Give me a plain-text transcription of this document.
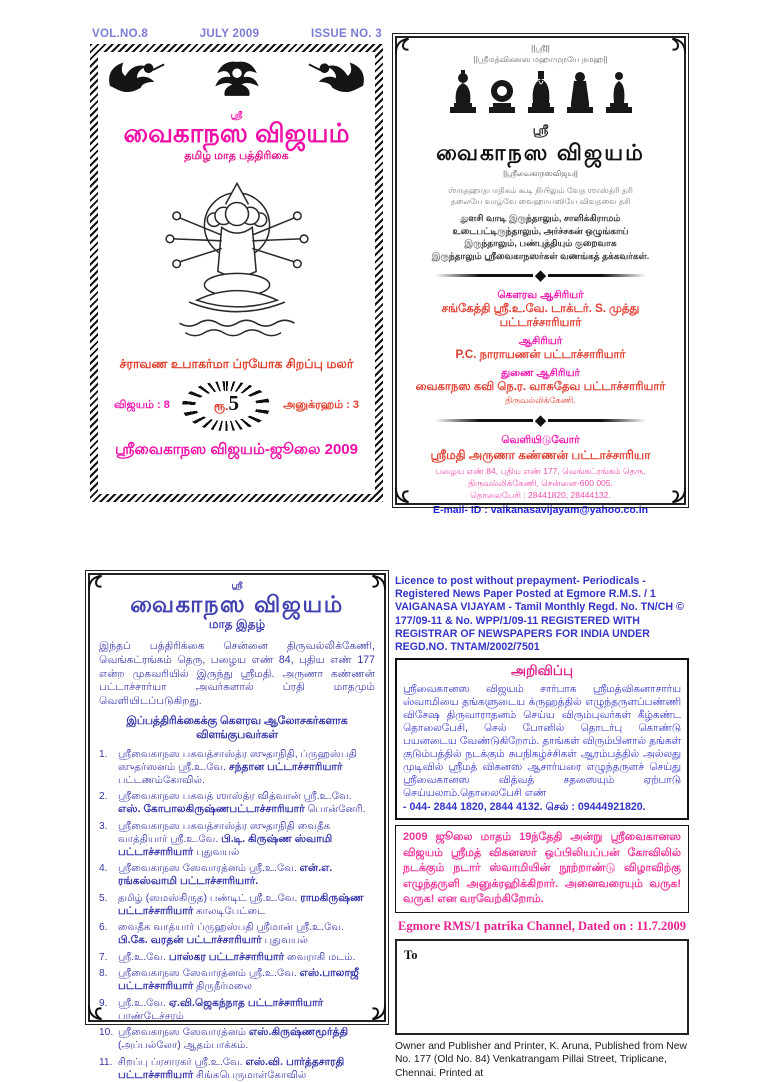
VOL.NO.8	JULY 2009	ISSUE NO. 3
ஸ்ரீ
வைகாநஸ விஜயம்
தமிழ் மாத பத்திரிகை
ச்ராவண உபாகர்மா ப்ரயோக சிறப்பு மலர்
விஜயம் : 8	ரூ. 5	அனுக்ரஹம் : 3
ஸ்ரீவைகாநஸ விஜயம்-ஜூலை 2009
||ஸ்ரீ||
||ஸ்ரீமத்விகனஸ மஹாமுநயே நமஹ||
ஸ்ரீ
வைகாநஸ விஜயம்
||ஸ்ரீவைகாநஸவிஜய||
ஶ்ருதஹாதபாதிகம் கூடி நியிலும் வேத ஶாஸ்த்ரி தரி
தலையே வாழ்வே வைஹாயஸியே விவதவை தசி
துளசி வாடி இருந்தாலும், சாளிக்கிராமம்
உடைபட்டிருந்தாலும், அர்ச்சகன் ஒழுங்காய்
இருந்தாலும், பண்புத்தியும் குறைவாக
இருந்தாலும் ஸ்ரீவைகாநஸர்கள் வணங்கத் தக்கவர்கள்.
◆
கௌரவ ஆசிரியர்
சங்கேத்தி ஸ்ரீ.உ.வே. டாக்டர். S. முத்து பட்டாச்சாரியார்
ஆசிரியர்
P.C. நாராயணன் பட்டாச்சாரியார்
துணை ஆசிரியர்
வைகாநஸ கவி நெ.ர. வாசுதேவ பட்டாச்சாரியார்
திருவல்லிக்கேணி.
◆
வெளியிடுவோர்
ஸ்ரீமதி அருணா கண்ணன் பட்டாச்சாரியா
பழைய எண் 84, புதிய எண் 177, வெங்கட்ரங்கம் தெரு,
திருவல்லிக்கேணி, சென்னை-600 005.
தொலைபேசி : 28441820, 28444132.
E-mail- ID : vaikanasavijayam@yahoo.co.in
ஸ்ரீ
வைகாநஸ விஜயம்
மாத இதழ்
இந்தப் பத்திரிக்கை சென்னை திருவல்லிக்கேணி, வெங்கட்ரங்கம் தெரு, பழைய எண் 84, புதிய எண் 177 என்ற முகவரியில் இருந்து ஸ்ரீமதி. அருணா கண்ணன் பட்டாச்சார்யா அவர்களால் ப்ரதி மாதமும் வெளியிடப்படுகிறது.
இப்பத்திரிக்கைக்கு கௌரவ ஆலோசகர்களாக விளங்குபவர்கள்
1.	ஸ்ரீவைகாநஸ பகவத்சாஸ்த்ர ஸுதாநிதி, ப்ருஹஸ்பதி ஸுதர்ஸனம் ஸ்ரீ.உ.வே. சந்தான பட்டாச்சாரியார் பட்டணம்கோவில்.
2.	ஸ்ரீவைகாநஸ பகவத் ஶாஸ்த்ர வித்வான் ஸ்ரீ.உ.வே. எஸ். கோபாலகிருஷ்ணபட்டாச்சாரியார் பொன்னேரி.
3.	ஸ்ரீவைகாநஸ பகவத்சாஸ்த்ர ஸுதாநிதி வைதீக வாத்தியார் ஸ்ரீ.உ.வே. பி.டி. கிருஷ்ண ஸ்வாமி பட்டாச்சாரியார் புதுவயல்
4.	ஸ்ரீவைகாநஸ ஸேவாரத்னம் ஸ்ரீ.உ.வே. என்.எ. ரங்கஸ்வாமி பட்டாச்சாரியார்.
5.	தமிழ் (ஸமஸ்கிருத) பண்டிட் ஸ்ரீ.உ.வே. ராமகிருஷ்ண பட்டாச்சாரியார் காலடிபேட்டை
6.	வைதீக வாத்யார் ப்ருஹஸ்பதி ஸ்ரீமான் ஸ்ரீ.உ.வே. பி.கே. வரதன் பட்டாச்சாரியார் புதுவயல்
7.	ஸ்ரீ.உ.வே. பாஸ்கர பட்டாச்சாரியார் வைராகி மடம்.
8.	ஸ்ரீவைகாநஸ ஸேவாரத்னம் ஸ்ரீ.உ.வே. எஸ்.பாலாஜீ பட்டாச்சாரியார் திருநீர்மலை
9.	ஸ்ரீ.உ.வே. ஏ.வி.ஜெகந்நாத பட்டாச்சாரியார் பாண்டேச்சரம்
10. ஸ்ரீவைகாநஸ ஸேவாரத்னம் எஸ்.கிருஷ்ணமூர்த்தி (அப்பல்லோ) ஆதம்பாக்கம்.
11. சிறப்பு ப்ரசாரகர் ஸ்ரீ.உ.வே. எஸ்.வி. பார்த்தசாரதி பட்டாச்சாரியார் சிங்கபெருமாள்கோவில்
Licence to post without prepayment- Periodicals - Registered News Paper Posted at Egmore R.M.S. / 1 VAIGANASA VIJAYAM - Tamil Monthly Regd. No. TN/CH © 177/09-11 & No. WPP/1/09-11 REGISTERED WITH REGISTRAR OF NEWSPAPERS FOR INDIA UNDER REGD.NO. TNTAM/2002/7501
அறிவிப்பு
ஸ்ரீவைகானஸ விஜயம் சார்பாக ஸ்ரீமத்விகனாசார்ய ஸ்வாமியை தங்களுடைய க்ருஹத்தில் எழுந்தருளப்பண்ணி விசேஷ திருவாராதனம் செய்ய விரும்புவர்கள் கீழ்கண்ட தொலைபேசி, செல் போனில் தொடர்பு கொண்டு பயனடைய வேண்டுகிறோம். தாங்கள் விரும்பினால் தங்கள் குடும்பத்தில் நடக்கும் சுபநிகழ்ச்சிகள் ஆரம்பத்தில் அல்லது முடிவில் ஸ்ரீமத் விகனஸ ஆசார்யரை எழுந்தருளச் செய்து ஸ்ரீவைகானஸ வித்வத் சதஸையும் ஏற்பாடு செய்யலாம்.தொலைபேசி எண்
- 044- 2844 1820, 2844 4132. செல் : 09444921820.
2009 ஜூலை மாதம் 19ந்தேதி அன்று ஸ்ரீவைகானஸ விஜயம் ஸ்ரீமத் விகனஸர் ஒப்பிலியப்பன் கோவிலில் நடக்கும் நடார் ஸ்வாமியின் நூற்றாண்டு விழாவிற்கு எழுந்தருளி அனுக்ரஹிக்கிறார். அனைவரையும் வருக! வருக! என வரவேற்கிறோம்.
Egmore RMS/1 patrika Channel, Dated on : 11.7.2009
To
Owner and Publisher and Printer, K. Aruna, Published from New No. 177 (Old No. 84) Venkatrangam Pillai Street, Triplicane, Chennai. Printed at
